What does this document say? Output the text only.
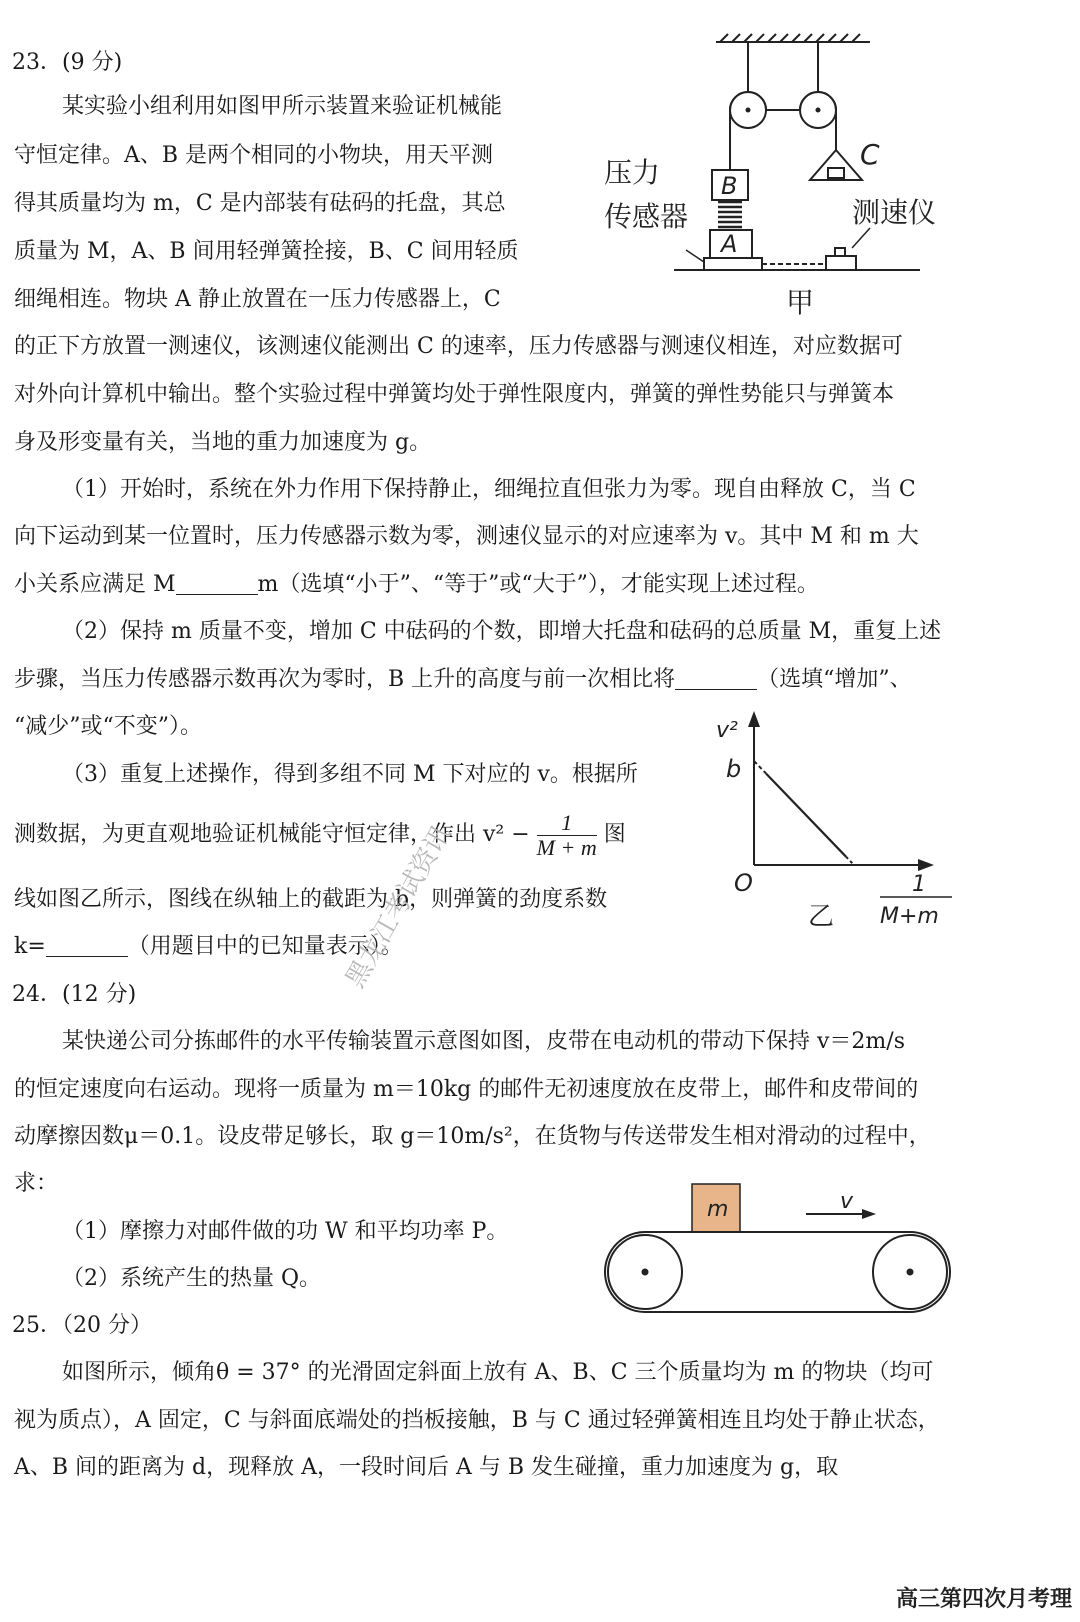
23．(9 分)
某实验小组利用如图甲所示装置来验证机械能
守恒定律。A、B 是两个相同的小物块，用天平测
得其质量均为 m，C 是内部装有砝码的托盘，其总
质量为 M，A、B 间用轻弹簧拴接，B、C 间用轻质
细绳相连。物块 A 静止放置在一压力传感器上，C
的正下方放置一测速仪，该测速仪能测出 C 的速率，压力传感器与测速仪相连，对应数据可
对外向计算机中输出。整个实验过程中弹簧均处于弹性限度内，弹簧的弹性势能只与弹簧本
身及形变量有关，当地的重力加速度为 g。
（1）开始时，系统在外力作用下保持静止，细绳拉直但张力为零。现自由释放 C，当 C
向下运动到某一位置时，压力传感器示数为零，测速仪显示的对应速率为 v。其中 M 和 m 大
小关系应满足 M	m（选填“小于”、“等于”或“大于”），才能实现上述过程。
（2）保持 m 质量不变，增加 C 中砝码的个数，即增大托盘和砝码的总质量 M，重复上述
步骤，当压力传感器示数再次为零时，B 上升的高度与前一次相比将	（选填“增加”、
“减少”或“不变”）。
（3）重复上述操作，得到多组不同 M 下对应的 v。根据所
测数据，为更直观地验证机械能守恒定律，作出 $v^2 - \frac{1}{M + m}$ 图
线如图乙所示，图线在纵轴上的截距为 b，则弹簧的劲度系数
k=	（用题目中的已知量表示）。
压力
传感器	测速仪
A
B
C
甲
v²
b
O	1
M+m
乙
24．(12 分)
某快递公司分拣邮件的水平传输装置示意图如图，皮带在电动机的带动下保持 v＝2m/s
的恒定速度向右运动。现将一质量为 m＝10kg 的邮件无初速度放在皮带上，邮件和皮带间的
动摩擦因数μ＝0.1。设皮带足够长，取 g＝10m/s²，在货物与传送带发生相对滑动的过程中，
求：
（1）摩擦力对邮件做的功 W 和平均功率 P。
（2）系统产生的热量 Q。
m	v
25．（20 分）
如图所示，倾角θ = 37° 的光滑固定斜面上放有 A、B、C 三个质量均为 m 的物块（均可
视为质点），A 固定，C 与斜面底端处的挡板接触，B 与 C 通过轻弹簧相连且均处于静止状态，
A、B 间的距离为 d，现释放 A，一段时间后 A 与 B 发生碰撞，重力加速度为 g，取
黑龙江考试资讯
高三第四次月考理
